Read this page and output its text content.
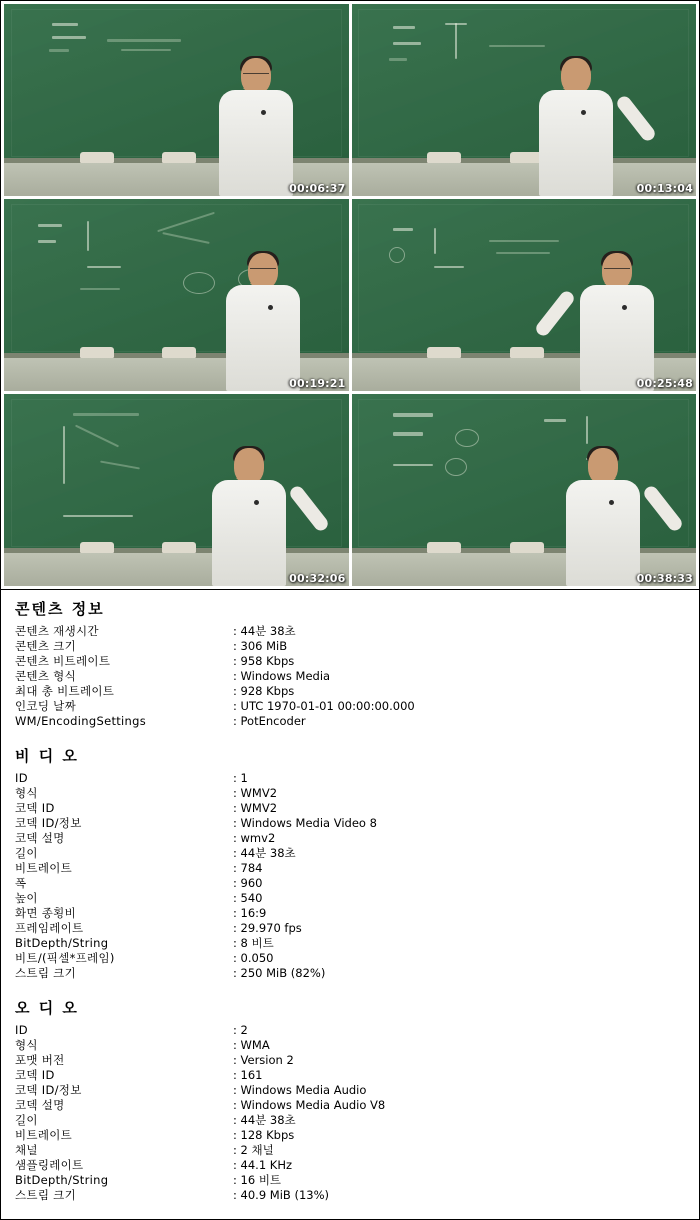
00:06:37	00:13:04
00:19:21	00:25:48
00:32:06	00:38:33
콘텐츠 정보
콘텐츠 재생시간	: 44분 38초
콘텐츠 크기	: 306 MiB
콘텐츠 비트레이트	: 958 Kbps
콘텐츠 형식	: Windows Media
최대 총 비트레이트	: 928 Kbps
인코딩 날짜	: UTC 1970-01-01 00:00:00.000
WM/EncodingSettings	: PotEncoder
비 디 오
ID	: 1
형식	: WMV2
코덱 ID	: WMV2
코덱 ID/정보	: Windows Media Video 8
코덱 설명	: wmv2
길이	: 44분 38초
비트레이트	: 784
폭	: 960
높이	: 540
화면 종횡비	: 16:9
프레임레이트	: 29.970 fps
BitDepth/String	: 8 비트
비트/(픽셀*프레임)	: 0.050
스트림 크기	: 250 MiB (82%)
오 디 오
ID	: 2
형식	: WMA
포맷 버전	: Version 2
코덱 ID	: 161
코덱 ID/정보	: Windows Media Audio
코덱 설명	: Windows Media Audio V8
길이	: 44분 38초
비트레이트	: 128 Kbps
채널	: 2 채널
샘플링레이트	: 44.1 KHz
BitDepth/String	: 16 비트
스트림 크기	: 40.9 MiB (13%)
